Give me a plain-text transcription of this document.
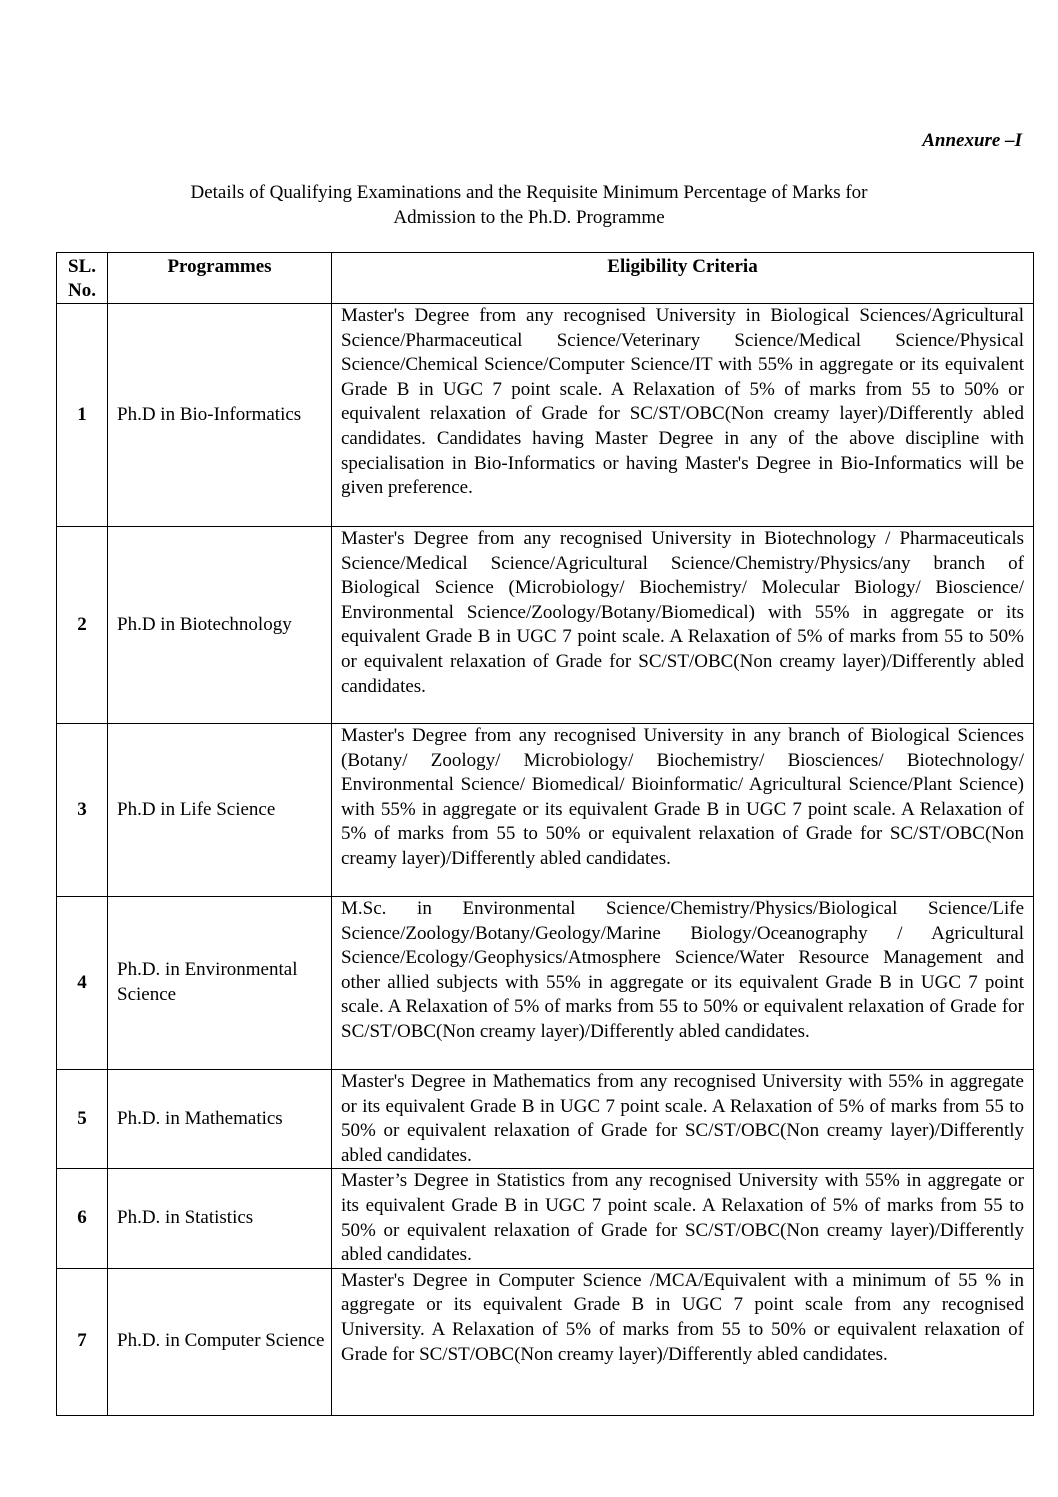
Annexure –I
Details of Qualifying Examinations and the Requisite Minimum Percentage of Marks for
Admission to the Ph.D. Programme
SL.
No.	Programmes	Eligibility Criteria
1	Ph.D in Bio-Informatics	Master's Degree from any recognised University in Biological Sciences/Agricultural Science/Pharmaceutical Science/Veterinary Science/Medical Science/Physical Science/Chemical Science/Computer Science/IT with 55% in aggregate or its equivalent Grade B in UGC 7 point scale. A Relaxation of 5% of marks from 55 to 50% or equivalent relaxation of Grade for SC/ST/OBC(Non creamy layer)/Differently abled candidates. Candidates having Master Degree in any of the above discipline with specialisation in Bio-Informatics or having Master's Degree in Bio-Informatics will be given preference.

2	Ph.D in Biotechnology	Master's Degree from any recognised University in Biotechnology / Pharmaceuticals Science/Medical Science/Agricultural Science/Chemistry/Physics/any branch of Biological Science (Microbiology/ Biochemistry/ Molecular Biology/ Bioscience/ Environmental Science/Zoology/Botany/Biomedical) with 55% in aggregate or its equivalent Grade B in UGC 7 point scale. A Relaxation of 5% of marks from 55 to 50% or equivalent relaxation of Grade for SC/ST/OBC(Non creamy layer)/Differently abled candidates.

3	Ph.D in Life Science	Master's Degree from any recognised University in any branch of Biological Sciences (Botany/ Zoology/ Microbiology/ Biochemistry/ Biosciences/ Biotechnology/ Environmental Science/ Biomedical/ Bioinformatic/ Agricultural Science/Plant Science) with 55% in aggregate or its equivalent Grade B in UGC 7 point scale. A Relaxation of 5% of marks from 55 to 50% or equivalent relaxation of Grade for SC/ST/OBC(Non creamy layer)/Differently abled candidates.

4	Ph.D. in Environmental Science	M.Sc. in Environmental Science/Chemistry/Physics/Biological Science/Life Science/Zoology/Botany/Geology/Marine Biology/Oceanography / Agricultural Science/Ecology/Geophysics/Atmosphere Science/Water Resource Management and other allied subjects with 55% in aggregate or its equivalent Grade B in UGC 7 point scale. A Relaxation of 5% of marks from 55 to 50% or equivalent relaxation of Grade for SC/ST/OBC(Non creamy layer)/Differently abled candidates.

5	Ph.D. in Mathematics	Master's Degree in Mathematics from any recognised University with 55% in aggregate or its equivalent Grade B in UGC 7 point scale. A Relaxation of 5% of marks from 55 to 50% or equivalent relaxation of Grade for SC/ST/OBC(Non creamy layer)/Differently abled candidates.

6	Ph.D. in Statistics	Master’s Degree in Statistics from any recognised University with 55% in aggregate or its equivalent Grade B in UGC 7 point scale. A Relaxation of 5% of marks from 55 to 50% or equivalent relaxation of Grade for SC/ST/OBC(Non creamy layer)/Differently abled candidates.

7	Ph.D. in Computer Science	Master's Degree in Computer Science /MCA/Equivalent with a minimum of 55 % in aggregate or its equivalent Grade B in UGC 7 point scale from any recognised University. A Relaxation of 5% of marks from 55 to 50% or equivalent relaxation of Grade for SC/ST/OBC(Non creamy layer)/Differently abled candidates.
